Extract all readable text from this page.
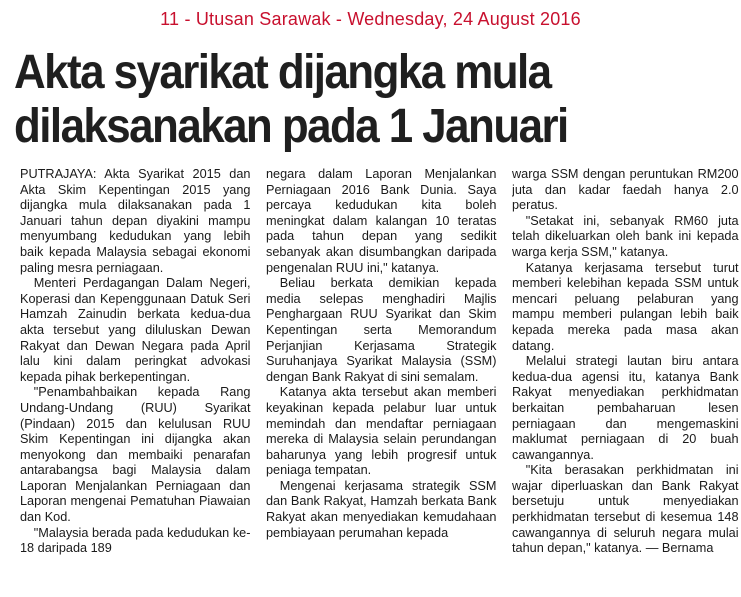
11 - Utusan Sarawak - Wednesday, 24 August 2016
Akta syarikat dijangka mula
dilaksanakan pada 1 Januari

PUTRAJAYA: Akta Syarikat 2015 dan Akta Skim Kepentingan 2015 yang dijangka mula dilaksanakan pada 1 Januari tahun depan diyakini mampu menyumbang kedudukan yang lebih baik kepada Malaysia sebagai ekonomi paling mesra perniagaan.

Menteri Perdagangan Dalam Negeri, Koperasi dan Kepenggunaan Datuk Seri Hamzah Zainudin berkata kedua-dua akta tersebut yang diluluskan Dewan Rakyat dan Dewan Negara pada April lalu kini dalam peringkat advokasi kepada pihak berkepentingan.

"Penambahbaikan kepada Rang Undang-Undang (RUU) Syarikat (Pindaan) 2015 dan kelulusan RUU Skim Kepentingan ini dijangka akan menyokong dan membaiki penarafan antarabangsa bagi Malaysia dalam Laporan Menjalankan Perniagaan dan Laporan mengenai Pematuhan Piawaian dan Kod.

"Malaysia berada pada kedudukan ke-18 daripada 189

negara dalam Laporan Menjalankan Perniagaan 2016 Bank Dunia. Saya percaya kedudukan kita boleh meningkat dalam kalangan 10 teratas pada tahun depan yang sedikit sebanyak akan disumbangkan daripada pengenalan RUU ini," katanya.

Beliau berkata demikian kepada media selepas menghadiri Majlis Penghargaan RUU Syarikat dan Skim Kepentingan serta Memorandum Perjanjian Kerjasama Strategik Suruhanjaya Syarikat Malaysia (SSM) dengan Bank Rakyat di sini semalam.

Katanya akta tersebut akan memberi keyakinan kepada pelabur luar untuk memindah dan mendaftar perniagaan mereka di Malaysia selain perundangan baharunya yang lebih progresif untuk peniaga tempatan.

Mengenai kerjasama strategik SSM dan Bank Rakyat, Hamzah berkata Bank Rakyat akan menyediakan kemudahaan pembiayaan perumahan kepada

warga SSM dengan peruntukan RM200 juta dan kadar faedah hanya 2.0 peratus.

"Setakat ini, sebanyak RM60 juta telah dikeluarkan oleh bank ini kepada warga kerja SSM," katanya.

Katanya kerjasama tersebut turut memberi kelebihan kepada SSM untuk mencari peluang pelaburan yang mampu memberi pulangan lebih baik kepada mereka pada masa akan datang.

Melalui strategi lautan biru antara kedua-dua agensi itu, katanya Bank Rakyat menyediakan perkhidmatan berkaitan pembaharuan lesen perniagaan dan mengemaskini maklumat perniagaan di 20 buah cawangannya.

"Kita berasakan perkhidmatan ini wajar diperluaskan dan Bank Rakyat bersetuju untuk menyediakan perkhidmatan tersebut di kesemua 148 cawangannya di seluruh negara mulai tahun depan," katanya. — Bernama
